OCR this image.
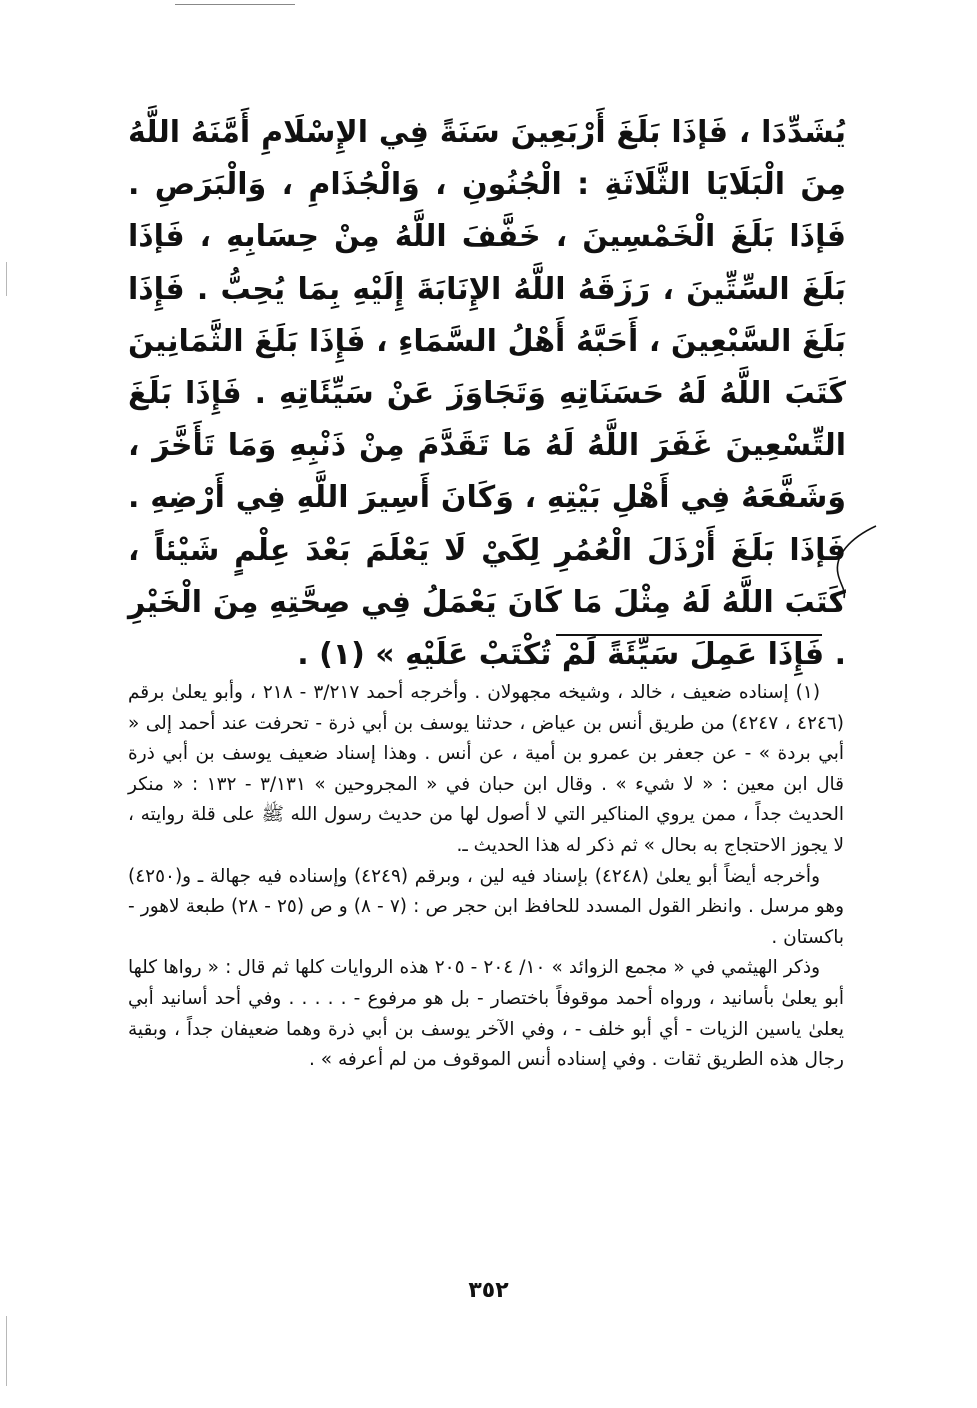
يُشَدِّدَا ، فَإذَا بَلَغَ أَرْبَعِينَ سَنَةً فِي الإِسْلَامِ أَمَّنَهُ اللَّهُ مِنَ الْبَلَايَا الثَّلَاثَةِ : الْجُنُونِ ، وَالْجُذَامِ ، وَالْبَرَصِ . فَإذَا بَلَغَ الْخَمْسِينَ ، خَفَّفَ اللَّهُ مِنْ حِسَابِهِ ، فَإذَا بَلَغَ السِّتِّينَ ، رَزَقَهُ اللَّهُ الإِنَابَةَ إِلَيْهِ بِمَا يُحِبُّ . فَإِذَا بَلَغَ السَّبْعِينَ ، أَحَبَّهُ أَهْلُ السَّمَاءِ ، فَإِذَا بَلَغَ الثَّمَانِينَ كَتَبَ اللَّهُ لَهُ حَسَنَاتِهِ وَتَجَاوَزَ عَنْ سَيِّئَاتِهِ . فَإِذَا بَلَغَ التِّسْعِينَ غَفَرَ اللَّهُ لَهُ مَا تَقَدَّمَ مِنْ ذَنْبِهِ وَمَا تَأَخَّرَ ، وَشَفَّعَهُ فِي أَهْلِ بَيْتِهِ ، وَكَانَ أَسِيرَ اللَّهِ فِي أَرْضِهِ . فَإذَا بَلَغَ أَرْذَلَ الْعُمُرِ لِكَيْ لَا يَعْلَمَ بَعْدَ عِلْمٍ شَيْئاً ، كَتَبَ اللَّهُ لَهُ مِثْلَ مَا كَانَ يَعْمَلُ فِي صِحَّتِهِ مِنَ الْخَيْرِ . فَإِذَا عَمِلَ سَيِّئَةً لَمْ تُكْتَبْ عَلَيْهِ » (١) .

(١) إسناده ضعيف ، خالد ، وشيخه مجهولان . وأخرجه أحمد ٣/٢١٧ - ٢١٨ ، وأبو يعلىٰ برقم (٤٢٤٦ ، ٤٢٤٧) من طريق أنس بن عياض ، حدثنا يوسف بن أبي ذرة - تحرفت عند أحمد إلى « أبي بردة » - عن جعفر بن عمرو بن أمية ، عن أنس . وهذا إسناد ضعيف يوسف بن أبي ذرة قال ابن معين : « لا شيء » . وقال ابن حبان في « المجروحين » ٣/١٣١ - ١٣٢ : « منكر الحديث جداً ، ممن يروي المناكير التي لا أصول لها من حديث رسول الله ﷺ على قلة روايته ، لا يجوز الاحتجاج به بحال » ثم ذكر له هذا الحديث ـ.

وأخرجه أيضاً أبو يعلىٰ (٤٢٤٨) بإسناد فيه لين ، وبرقم (٤٢٤٩) وإسناده فيه جهالة ـ و(٤٢٥٠) وهو مرسل . وانظر القول المسدد للحافظ ابن حجر ص : (٧ - ٨) و ص (٢٥ - ٢٨) طبعة لاهور - باكستان .

وذكر الهيثمي في « مجمع الزوائد » ١٠/ ٢٠٤ - ٢٠٥ هذه الروايات كلها ثم قال : « رواها كلها أبو يعلىٰ بأسانيد ، ورواه أحمد موقوفاً باختصار - بل هو مرفوع - . . . . . وفي أحد أسانيد أبي يعلىٰ ياسين الزيات - أي أبو خلف - ، وفي الآخر يوسف بن أبي ذرة وهما ضعيفان جداً ، وبقية رجال هذه الطريق ثقات . وفي إسناده أنس الموقوف من لم أعرفه » .

٣٥٢
